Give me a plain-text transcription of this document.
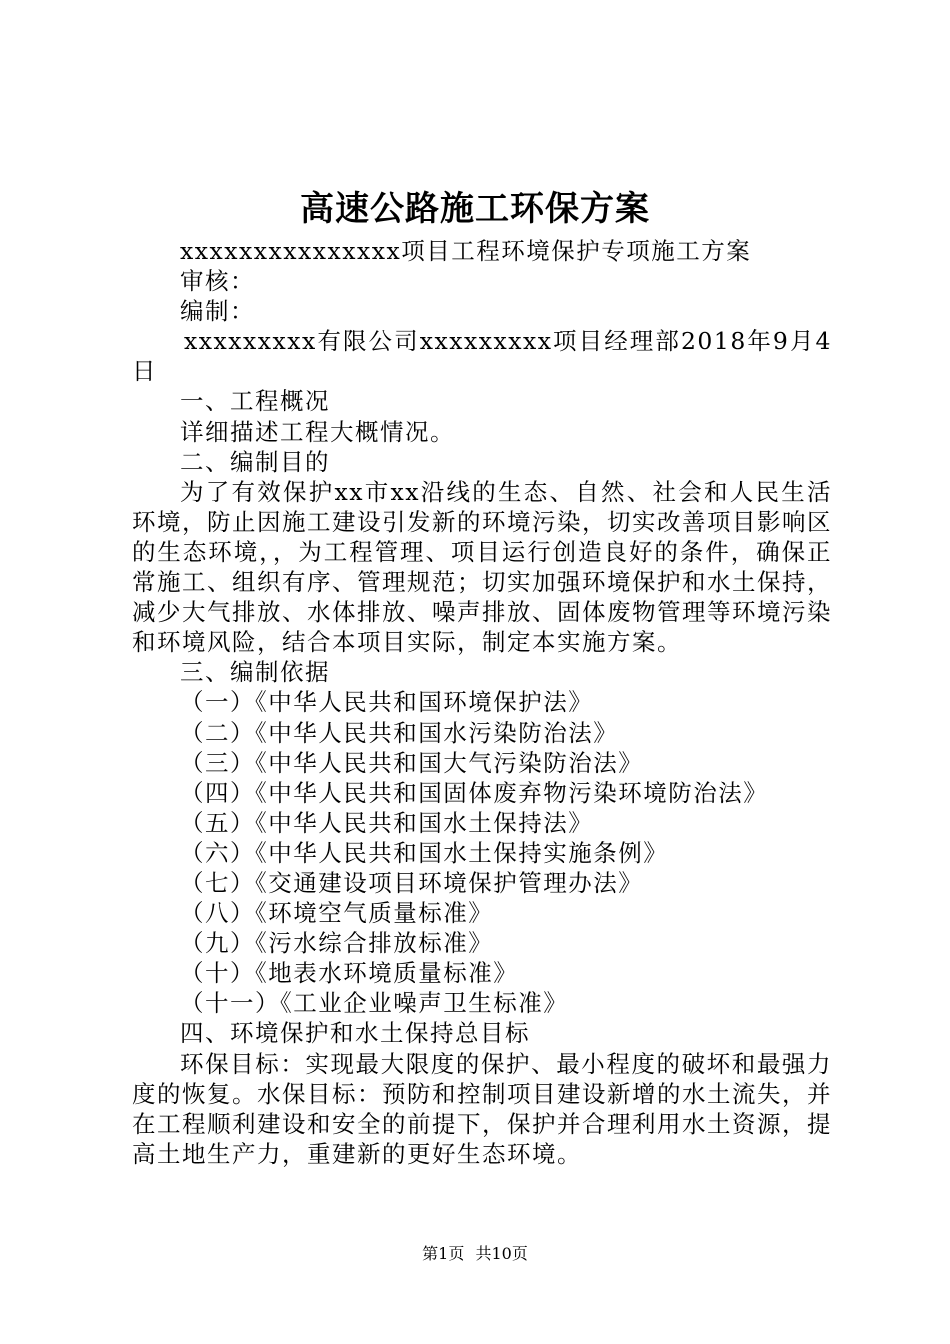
高速公路施工环保方案

xxxxxxxxxxxxxxx项目工程环境保护专项施工方案

审核：

编制：

xxxxxxxxx有限公司xxxxxxxxx项目经理部2018年9月4日

一、工程概况

详细描述工程大概情况。

二、编制目的

为了有效保护xx市xx沿线的生态、自然、社会和人民生活环境，防止因施工建设引发新的环境污染，切实改善项目影响区的生态环境，，为工程管理、项目运行创造良好的条件，确保正常施工、组织有序、管理规范；切实加强环境保护和水土保持，减少大气排放、水体排放、噪声排放、固体废物管理等环境污染和环境风险，结合本项目实际，制定本实施方案。

三、编制依据

（一）《中华人民共和国环境保护法》

（二）《中华人民共和国水污染防治法》

（三）《中华人民共和国大气污染防治法》

（四）《中华人民共和国固体废弃物污染环境防治法》

（五）《中华人民共和国水土保持法》

（六）《中华人民共和国水土保持实施条例》

（七）《交通建设项目环境保护管理办法》

（八）《环境空气质量标准》

（九）《污水综合排放标准》

（十）《地表水环境质量标准》

（十一）《工业企业噪声卫生标准》

四、环境保护和水土保持总目标

环保目标：实现最大限度的保护、最小程度的破坏和最强力度的恢复。水保目标：预防和控制项目建设新增的水土流失，并在工程顺利建设和安全的前提下，保护并合理利用水土资源，提高土地生产力，重建新的更好生态环境。

第1页 共10页
